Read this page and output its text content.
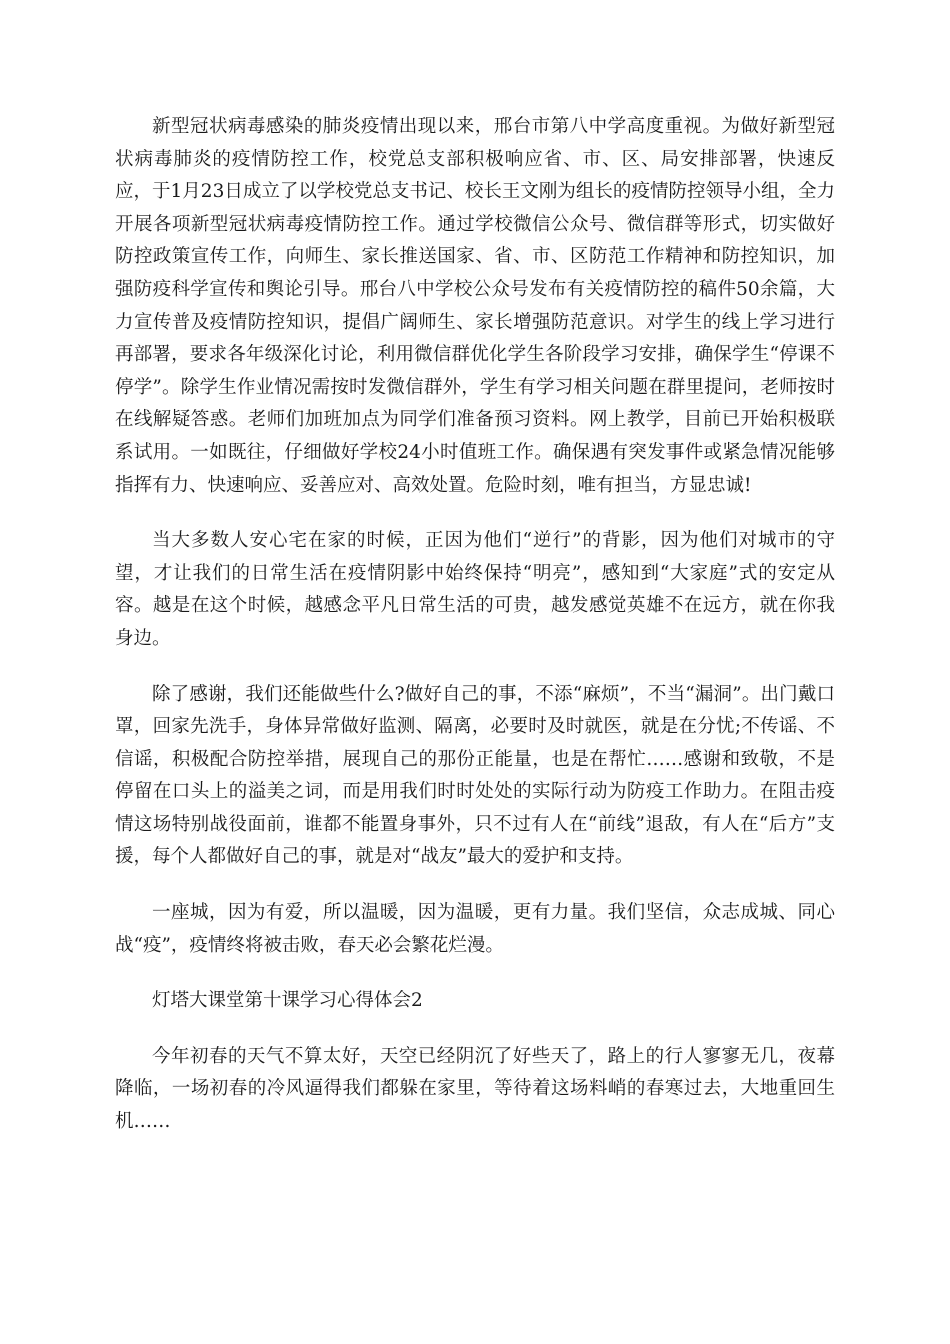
新型冠状病毒感染的肺炎疫情出现以来，邢台市第八中学高度重视。为做好新型冠状病毒肺炎的疫情防控工作，校党总支部积极响应省、市、区、局安排部署，快速反应，于1月23日成立了以学校党总支书记、校长王文刚为组长的疫情防控领导小组，全力开展各项新型冠状病毒疫情防控工作。通过学校微信公众号、微信群等形式，切实做好防控政策宣传工作，向师生、家长推送国家、省、市、区防范工作精神和防控知识，加强防疫科学宣传和舆论引导。邢台八中学校公众号发布有关疫情防控的稿件50余篇，大力宣传普及疫情防控知识，提倡广阔师生、家长增强防范意识。对学生的线上学习进行再部署，要求各年级深化讨论，利用微信群优化学生各阶段学习安排，确保学生“停课不停学”。除学生作业情况需按时发微信群外，学生有学习相关问题在群里提问，老师按时在线解疑答惑。老师们加班加点为同学们准备预习资料。网上教学，目前已开始积极联系试用。一如既往，仔细做好学校24小时值班工作。确保遇有突发事件或紧急情况能够指挥有力、快速响应、妥善应对、高效处置。危险时刻，唯有担当，方显忠诚!

当大多数人安心宅在家的时候，正因为他们“逆行”的背影，因为他们对城市的守望，才让我们的日常生活在疫情阴影中始终保持“明亮”，感知到“大家庭”式的安定从容。越是在这个时候，越感念平凡日常生活的可贵，越发感觉英雄不在远方，就在你我身边。

除了感谢，我们还能做些什么?做好自己的事，不添“麻烦”，不当“漏洞”。出门戴口罩，回家先洗手，身体异常做好监测、隔离，必要时及时就医，就是在分忧;不传谣、不信谣，积极配合防控举措，展现自己的那份正能量，也是在帮忙……感谢和致敬，不是停留在口头上的溢美之词，而是用我们时时处处的实际行动为防疫工作助力。在阻击疫情这场特别战役面前，谁都不能置身事外，只不过有人在“前线”退敌，有人在“后方”支援，每个人都做好自己的事，就是对“战友”最大的爱护和支持。

一座城，因为有爱，所以温暖，因为温暖，更有力量。我们坚信，众志成城、同心战“疫”，疫情终将被击败，春天必会繁花烂漫。

灯塔大课堂第十课学习心得体会2

今年初春的天气不算太好，天空已经阴沉了好些天了，路上的行人寥寥无几，夜幕降临，一场初春的冷风逼得我们都躲在家里，等待着这场料峭的春寒过去，大地重回生机……
